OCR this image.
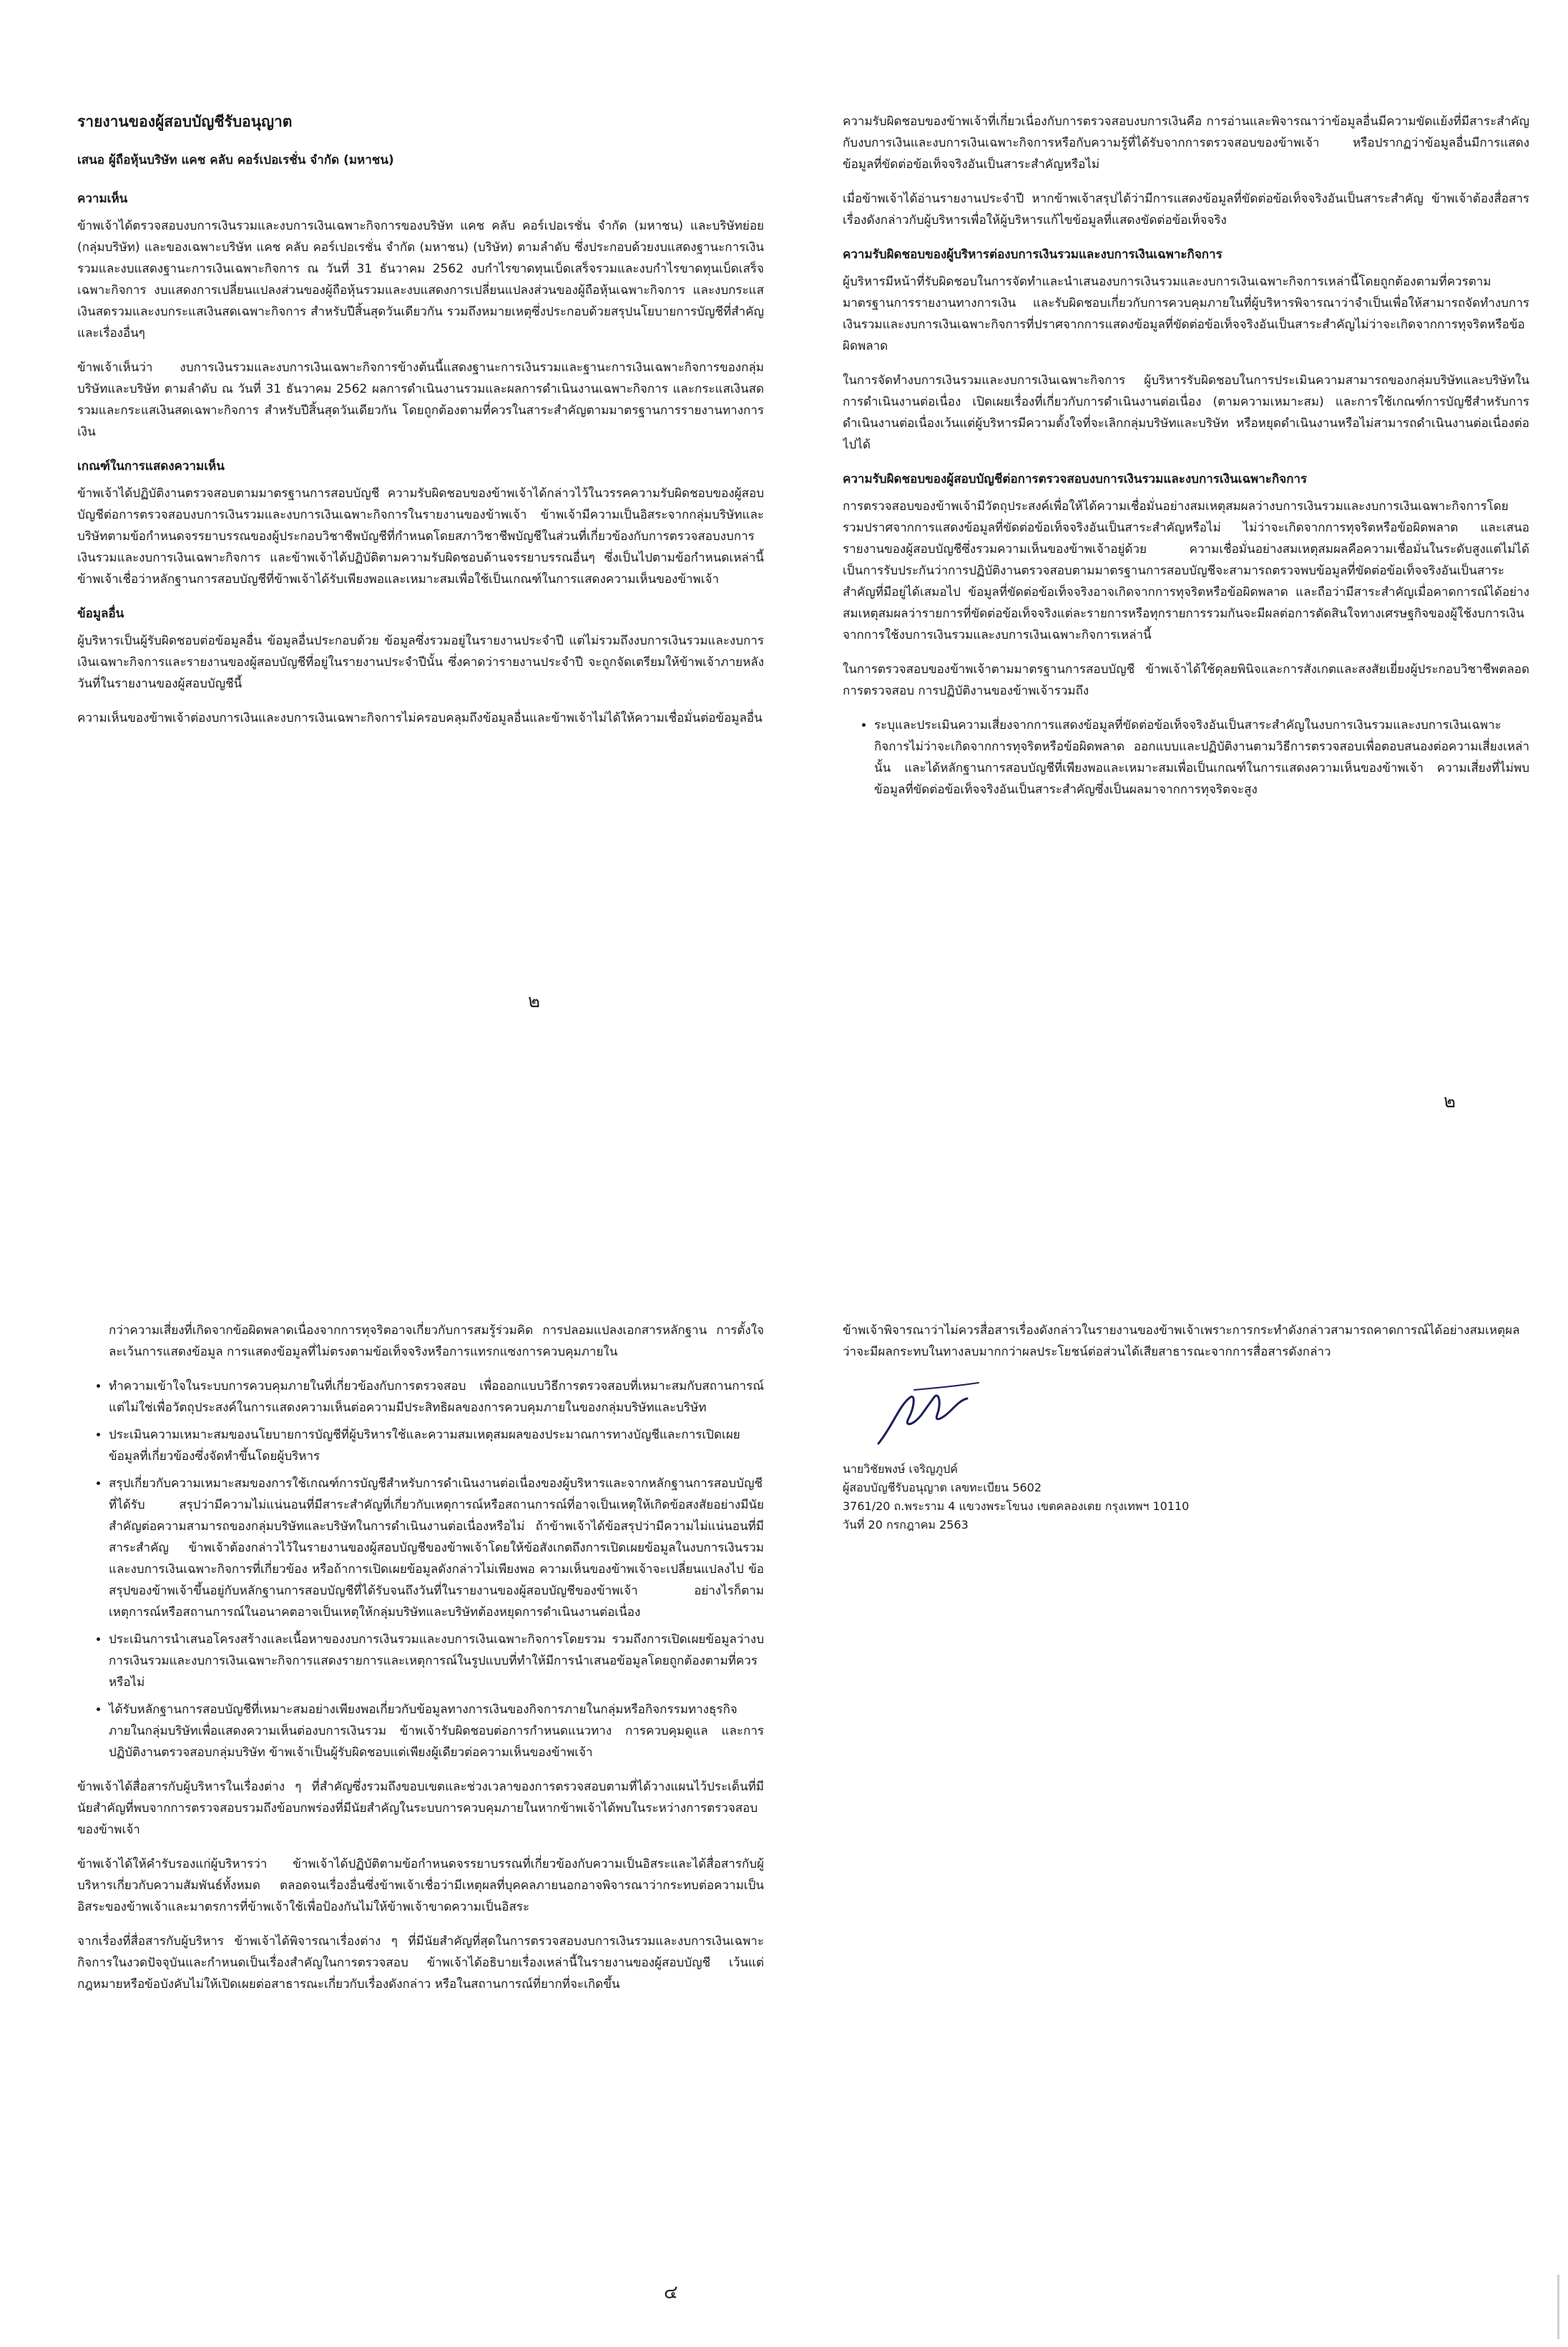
รายงานของผู้สอบบัญชีรับอนุญาต
เสนอ ผู้ถือหุ้นบริษัท แคช คลับ คอร์เปอเรชั่น จำกัด (มหาชน)
ความเห็น

ข้าพเจ้าได้ตรวจสอบงบการเงินรวมและงบการเงินเฉพาะกิจการของบริษัท แคช คลับ คอร์เปอเรชั่น จำกัด (มหาชน) และบริษัทย่อย (กลุ่มบริษัท) และของเฉพาะบริษัท แคช คลับ คอร์เปอเรชั่น จำกัด (มหาชน) (บริษัท) ตามลำดับ ซึ่งประกอบด้วยงบแสดงฐานะการเงินรวมและงบแสดงฐานะการเงินเฉพาะกิจการ ณ วันที่ 31 ธันวาคม 2562 งบกำไรขาดทุนเบ็ดเสร็จรวมและงบกำไรขาดทุนเบ็ดเสร็จเฉพาะกิจการ งบแสดงการเปลี่ยนแปลงส่วนของผู้ถือหุ้นรวมและงบแสดงการเปลี่ยนแปลงส่วนของผู้ถือหุ้นเฉพาะกิจการ และงบกระแสเงินสดรวมและงบกระแสเงินสดเฉพาะกิจการ สำหรับปีสิ้นสุดวันเดียวกัน รวมถึงหมายเหตุซึ่งประกอบด้วยสรุปนโยบายการบัญชีที่สำคัญและเรื่องอื่นๆ

ข้าพเจ้าเห็นว่า งบการเงินรวมและงบการเงินเฉพาะกิจการข้างต้นนี้แสดงฐานะการเงินรวมและฐานะการเงินเฉพาะกิจการของกลุ่มบริษัทและบริษัท ตามลำดับ ณ วันที่ 31 ธันวาคม 2562 ผลการดำเนินงานรวมและผลการดำเนินงานเฉพาะกิจการ และกระแสเงินสดรวมและกระแสเงินสดเฉพาะกิจการ สำหรับปีสิ้นสุดวันเดียวกัน โดยถูกต้องตามที่ควรในสาระสำคัญตามมาตรฐานการรายงานทางการเงิน

เกณฑ์ในการแสดงความเห็น

ข้าพเจ้าได้ปฏิบัติงานตรวจสอบตามมาตรฐานการสอบบัญชี ความรับผิดชอบของข้าพเจ้าได้กล่าวไว้ในวรรคความรับผิดชอบของผู้สอบบัญชีต่อการตรวจสอบงบการเงินรวมและงบการเงินเฉพาะกิจการในรายงานของข้าพเจ้า ข้าพเจ้ามีความเป็นอิสระจากกลุ่มบริษัทและบริษัทตามข้อกำหนดจรรยาบรรณของผู้ประกอบวิชาชีพบัญชีที่กำหนดโดยสภาวิชาชีพบัญชีในส่วนที่เกี่ยวข้องกับการตรวจสอบงบการเงินรวมและงบการเงินเฉพาะกิจการ และข้าพเจ้าได้ปฏิบัติตามความรับผิดชอบด้านจรรยาบรรณอื่นๆ ซึ่งเป็นไปตามข้อกำหนดเหล่านี้ ข้าพเจ้าเชื่อว่าหลักฐานการสอบบัญชีที่ข้าพเจ้าได้รับเพียงพอและเหมาะสมเพื่อใช้เป็นเกณฑ์ในการแสดงความเห็นของข้าพเจ้า

ข้อมูลอื่น

ผู้บริหารเป็นผู้รับผิดชอบต่อข้อมูลอื่น ข้อมูลอื่นประกอบด้วย ข้อมูลซึ่งรวมอยู่ในรายงานประจำปี แต่ไม่รวมถึงงบการเงินรวมและงบการเงินเฉพาะกิจการและรายงานของผู้สอบบัญชีที่อยู่ในรายงานประจำปีนั้น ซึ่งคาดว่ารายงานประจำปี จะถูกจัดเตรียมให้ข้าพเจ้าภายหลังวันที่ในรายงานของผู้สอบบัญชีนี้

ความเห็นของข้าพเจ้าต่องบการเงินและงบการเงินเฉพาะกิจการไม่ครอบคลุมถึงข้อมูลอื่นและข้าพเจ้าไม่ได้ให้ความเชื่อมั่นต่อข้อมูลอื่น

๒

ความรับผิดชอบของข้าพเจ้าที่เกี่ยวเนื่องกับการตรวจสอบงบการเงินคือ การอ่านและพิจารณาว่าข้อมูลอื่นมีความขัดแย้งที่มีสาระสำคัญกับงบการเงินและงบการเงินเฉพาะกิจการหรือกับความรู้ที่ได้รับจากการตรวจสอบของข้าพเจ้า หรือปรากฏว่าข้อมูลอื่นมีการแสดงข้อมูลที่ขัดต่อข้อเท็จจริงอันเป็นสาระสำคัญหรือไม่

เมื่อข้าพเจ้าได้อ่านรายงานประจำปี หากข้าพเจ้าสรุปได้ว่ามีการแสดงข้อมูลที่ขัดต่อข้อเท็จจริงอันเป็นสาระสำคัญ ข้าพเจ้าต้องสื่อสารเรื่องดังกล่าวกับผู้บริหารเพื่อให้ผู้บริหารแก้ไขข้อมูลที่แสดงขัดต่อข้อเท็จจริง

ความรับผิดชอบของผู้บริหารต่องบการเงินรวมและงบการเงินเฉพาะกิจการ

ผู้บริหารมีหน้าที่รับผิดชอบในการจัดทำและนำเสนองบการเงินรวมและงบการเงินเฉพาะกิจการเหล่านี้โดยถูกต้องตามที่ควรตามมาตรฐานการรายงานทางการเงิน และรับผิดชอบเกี่ยวกับการควบคุมภายในที่ผู้บริหารพิจารณาว่าจำเป็นเพื่อให้สามารถจัดทำงบการเงินรวมและงบการเงินเฉพาะกิจการที่ปราศจากการแสดงข้อมูลที่ขัดต่อข้อเท็จจริงอันเป็นสาระสำคัญไม่ว่าจะเกิดจากการทุจริตหรือข้อผิดพลาด

ในการจัดทำงบการเงินรวมและงบการเงินเฉพาะกิจการ ผู้บริหารรับผิดชอบในการประเมินความสามารถของกลุ่มบริษัทและบริษัทในการดำเนินงานต่อเนื่อง เปิดเผยเรื่องที่เกี่ยวกับการดำเนินงานต่อเนื่อง (ตามความเหมาะสม) และการใช้เกณฑ์การบัญชีสำหรับการดำเนินงานต่อเนื่องเว้นแต่ผู้บริหารมีความตั้งใจที่จะเลิกกลุ่มบริษัทและบริษัท หรือหยุดดำเนินงานหรือไม่สามารถดำเนินงานต่อเนื่องต่อไปได้

ความรับผิดชอบของผู้สอบบัญชีต่อการตรวจสอบงบการเงินรวมและงบการเงินเฉพาะกิจการ

การตรวจสอบของข้าพเจ้ามีวัตถุประสงค์เพื่อให้ได้ความเชื่อมั่นอย่างสมเหตุสมผลว่างบการเงินรวมและงบการเงินเฉพาะกิจการโดยรวมปราศจากการแสดงข้อมูลที่ขัดต่อข้อเท็จจริงอันเป็นสาระสำคัญหรือไม่ ไม่ว่าจะเกิดจากการทุจริตหรือข้อผิดพลาด และเสนอรายงานของผู้สอบบัญชีซึ่งรวมความเห็นของข้าพเจ้าอยู่ด้วย ความเชื่อมั่นอย่างสมเหตุสมผลคือความเชื่อมั่นในระดับสูงแต่ไม่ได้เป็นการรับประกันว่าการปฏิบัติงานตรวจสอบตามมาตรฐานการสอบบัญชีจะสามารถตรวจพบข้อมูลที่ขัดต่อข้อเท็จจริงอันเป็นสาระสำคัญที่มีอยู่ได้เสมอไป ข้อมูลที่ขัดต่อข้อเท็จจริงอาจเกิดจากการทุจริตหรือข้อผิดพลาด และถือว่ามีสาระสำคัญเมื่อคาดการณ์ได้อย่างสมเหตุสมผลว่ารายการที่ขัดต่อข้อเท็จจริงแต่ละรายการหรือทุกรายการรวมกันจะมีผลต่อการตัดสินใจทางเศรษฐกิจของผู้ใช้งบการเงินจากการใช้งบการเงินรวมและงบการเงินเฉพาะกิจการเหล่านี้

ในการตรวจสอบของข้าพเจ้าตามมาตรฐานการสอบบัญชี ข้าพเจ้าได้ใช้ดุลยพินิจและการสังเกตและสงสัยเยี่ยงผู้ประกอบวิชาชีพตลอดการตรวจสอบ การปฏิบัติงานของข้าพเจ้ารวมถึง

• ระบุและประเมินความเสี่ยงจากการแสดงข้อมูลที่ขัดต่อข้อเท็จจริงอันเป็นสาระสำคัญในงบการเงินรวมและงบการเงินเฉพาะกิจการไม่ว่าจะเกิดจากการทุจริตหรือข้อผิดพลาด ออกแบบและปฏิบัติงานตามวิธีการตรวจสอบเพื่อตอบสนองต่อความเสี่ยงเหล่านั้น และได้หลักฐานการสอบบัญชีที่เพียงพอและเหมาะสมเพื่อเป็นเกณฑ์ในการแสดงความเห็นของข้าพเจ้า ความเสี่ยงที่ไม่พบข้อมูลที่ขัดต่อข้อเท็จจริงอันเป็นสาระสำคัญซึ่งเป็นผลมาจากการทุจริตจะสูง
๒

กว่าความเสี่ยงที่เกิดจากข้อผิดพลาดเนื่องจากการทุจริตอาจเกี่ยวกับการสมรู้ร่วมคิด การปลอมแปลงเอกสารหลักฐาน การตั้งใจละเว้นการแสดงข้อมูล การแสดงข้อมูลที่ไม่ตรงตามข้อเท็จจริงหรือการแทรกแซงการควบคุมภายใน

• ทำความเข้าใจในระบบการควบคุมภายในที่เกี่ยวข้องกับการตรวจสอบ เพื่อออกแบบวิธีการตรวจสอบที่เหมาะสมกับสถานการณ์ แต่ไม่ใช่เพื่อวัตถุประสงค์ในการแสดงความเห็นต่อความมีประสิทธิผลของการควบคุมภายในของกลุ่มบริษัทและบริษัท
• ประเมินความเหมาะสมของนโยบายการบัญชีที่ผู้บริหารใช้และความสมเหตุสมผลของประมาณการทางบัญชีและการเปิดเผยข้อมูลที่เกี่ยวข้องซึ่งจัดทำขึ้นโดยผู้บริหาร
• สรุปเกี่ยวกับความเหมาะสมของการใช้เกณฑ์การบัญชีสำหรับการดำเนินงานต่อเนื่องของผู้บริหารและจากหลักฐานการสอบบัญชีที่ได้รับ สรุปว่ามีความไม่แน่นอนที่มีสาระสำคัญที่เกี่ยวกับเหตุการณ์หรือสถานการณ์ที่อาจเป็นเหตุให้เกิดข้อสงสัยอย่างมีนัยสำคัญต่อความสามารถของกลุ่มบริษัทและบริษัทในการดำเนินงานต่อเนื่องหรือไม่ ถ้าข้าพเจ้าได้ข้อสรุปว่ามีความไม่แน่นอนที่มีสาระสำคัญ ข้าพเจ้าต้องกล่าวไว้ในรายงานของผู้สอบบัญชีของข้าพเจ้าโดยให้ข้อสังเกตถึงการเปิดเผยข้อมูลในงบการเงินรวมและงบการเงินเฉพาะกิจการที่เกี่ยวข้อง หรือถ้าการเปิดเผยข้อมูลดังกล่าวไม่เพียงพอ ความเห็นของข้าพเจ้าจะเปลี่ยนแปลงไป ข้อสรุปของข้าพเจ้าขึ้นอยู่กับหลักฐานการสอบบัญชีที่ได้รับจนถึงวันที่ในรายงานของผู้สอบบัญชีของข้าพเจ้า อย่างไรก็ตาม เหตุการณ์หรือสถานการณ์ในอนาคตอาจเป็นเหตุให้กลุ่มบริษัทและบริษัทต้องหยุดการดำเนินงานต่อเนื่อง
• ประเมินการนำเสนอโครงสร้างและเนื้อหาของงบการเงินรวมและงบการเงินเฉพาะกิจการโดยรวม รวมถึงการเปิดเผยข้อมูลว่างบการเงินรวมและงบการเงินเฉพาะกิจการแสดงรายการและเหตุการณ์ในรูปแบบที่ทำให้มีการนำเสนอข้อมูลโดยถูกต้องตามที่ควรหรือไม่
• ได้รับหลักฐานการสอบบัญชีที่เหมาะสมอย่างเพียงพอเกี่ยวกับข้อมูลทางการเงินของกิจการภายในกลุ่มหรือกิจกรรมทางธุรกิจภายในกลุ่มบริษัทเพื่อแสดงความเห็นต่องบการเงินรวม ข้าพเจ้ารับผิดชอบต่อการกำหนดแนวทาง การควบคุมดูแล และการปฏิบัติงานตรวจสอบกลุ่มบริษัท ข้าพเจ้าเป็นผู้รับผิดชอบแต่เพียงผู้เดียวต่อความเห็นของข้าพเจ้า

ข้าพเจ้าได้สื่อสารกับผู้บริหารในเรื่องต่าง ๆ ที่สำคัญซึ่งรวมถึงขอบเขตและช่วงเวลาของการตรวจสอบตามที่ได้วางแผนไว้ประเด็นที่มีนัยสำคัญที่พบจากการตรวจสอบรวมถึงข้อบกพร่องที่มีนัยสำคัญในระบบการควบคุมภายในหากข้าพเจ้าได้พบในระหว่างการตรวจสอบของข้าพเจ้า

ข้าพเจ้าได้ให้คำรับรองแก่ผู้บริหารว่า ข้าพเจ้าได้ปฏิบัติตามข้อกำหนดจรรยาบรรณที่เกี่ยวข้องกับความเป็นอิสระและได้สื่อสารกับผู้บริหารเกี่ยวกับความสัมพันธ์ทั้งหมด ตลอดจนเรื่องอื่นซึ่งข้าพเจ้าเชื่อว่ามีเหตุผลที่บุคคลภายนอกอาจพิจารณาว่ากระทบต่อความเป็นอิสระของข้าพเจ้าและมาตรการที่ข้าพเจ้าใช้เพื่อป้องกันไม่ให้ข้าพเจ้าขาดความเป็นอิสระ

จากเรื่องที่สื่อสารกับผู้บริหาร ข้าพเจ้าได้พิจารณาเรื่องต่าง ๆ ที่มีนัยสำคัญที่สุดในการตรวจสอบงบการเงินรวมและงบการเงินเฉพาะกิจการในงวดปัจจุบันและกำหนดเป็นเรื่องสำคัญในการตรวจสอบ ข้าพเจ้าได้อธิบายเรื่องเหล่านี้ในรายงานของผู้สอบบัญชี เว้นแต่กฎหมายหรือข้อบังคับไม่ให้เปิดเผยต่อสาธารณะเกี่ยวกับเรื่องดังกล่าว หรือในสถานการณ์ที่ยากที่จะเกิดขึ้น

๔

ข้าพเจ้าพิจารณาว่าไม่ควรสื่อสารเรื่องดังกล่าวในรายงานของข้าพเจ้าเพราะการกระทำดังกล่าวสามารถคาดการณ์ได้อย่างสมเหตุผลว่าจะมีผลกระทบในทางลบมากกว่าผลประโยชน์ต่อส่วนได้เสียสาธารณะจากการสื่อสารดังกล่าว

นายวิชัยพงษ์ เจริญภูปค์
ผู้สอบบัญชีรับอนุญาต เลขทะเบียน 5602
3761/20 ถ.พระราม 4 แขวงพระโขนง เขตคลองเตย กรุงเทพฯ 10110
วันที่ 20 กรกฎาคม 2563
